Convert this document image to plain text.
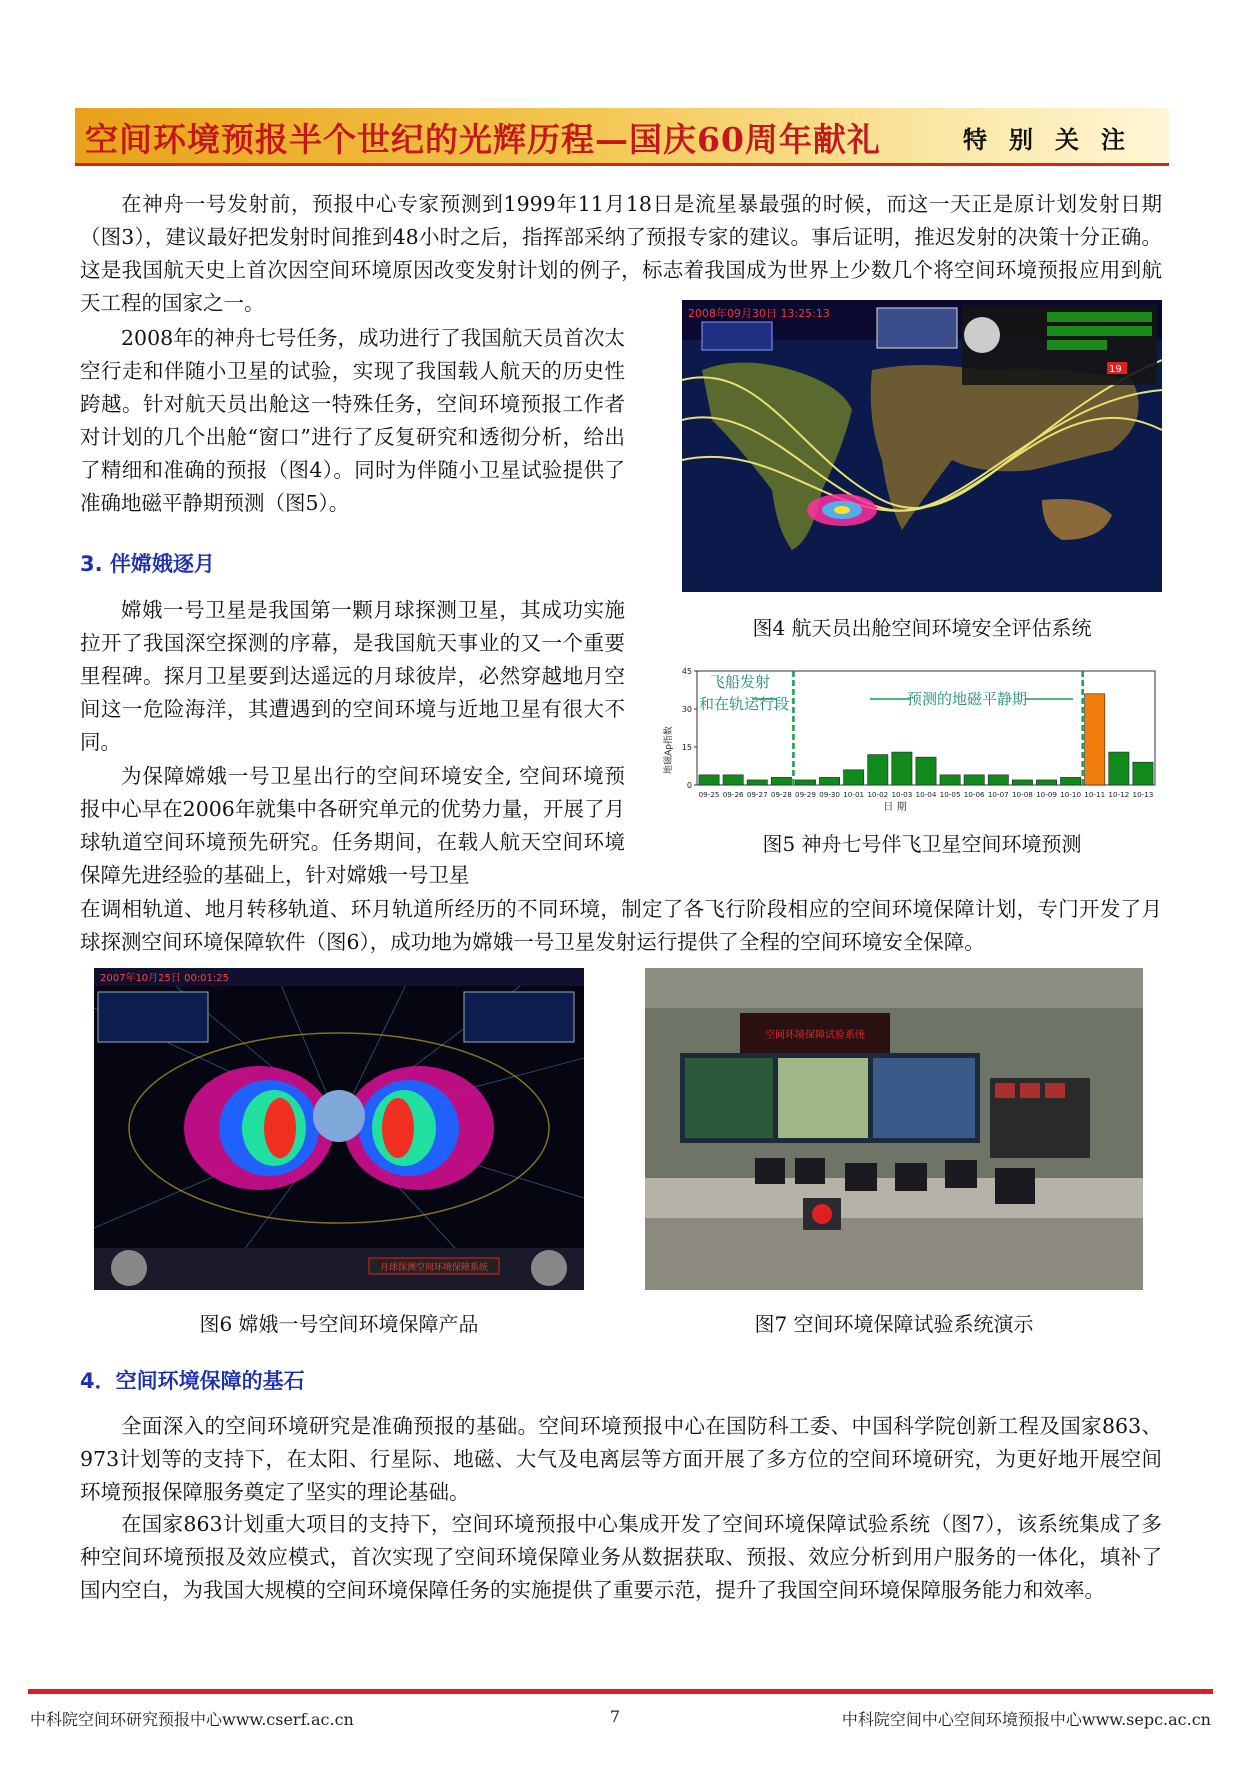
空间环境预报半个世纪的光辉历程—国庆60周年献礼	特别关注

在神舟一号发射前，预报中心专家预测到1999年11月18日是流星暴最强的时候，而这一天正是原计划发射日期（图3），建议最好把发射时间推到48小时之后，指挥部采纳了预报专家的建议。事后证明，推迟发射的决策十分正确。这是我国航天史上首次因空间环境原因改变发射计划的例子，标志着我国成为世界上少数几个将空间环境预报应用到航天工程的国家之一。

2008年的神舟七号任务，成功进行了我国航天员首次太空行走和伴随小卫星的试验，实现了我国载人航天的历史性跨越。针对航天员出舱这一特殊任务，空间环境预报工作者对计划的几个出舱“窗口”进行了反复研究和透彻分析，给出了精细和准确的预报（图4）。同时为伴随小卫星试验提供了准确地磁平静期预测（图5）。

3. 伴嫦娥逐月

嫦娥一号卫星是我国第一颗月球探测卫星，其成功实施拉开了我国深空探测的序幕，是我国航天事业的又一个重要里程碑。探月卫星要到达遥远的月球彼岸，必然穿越地月空间这一危险海洋，其遭遇到的空间环境与近地卫星有很大不同。

为保障嫦娥一号卫星出行的空间环境安全, 空间环境预报中心早在2006年就集中各研究单元的优势力量，开展了月球轨道空间环境预先研究。任务期间，在载人航天空间环境保障先进经验的基础上，针对嫦娥一号卫星

在调相轨道、地月转移轨道、环月轨道所经历的不同环境，制定了各飞行阶段相应的空间环境保障计划，专门开发了月球探测空间环境保障软件（图6），成功地为嫦娥一号卫星发射运行提供了全程的空间环境安全保障。

2008年09月30日 13:25:13
19
图4 航天员出舱空间环境安全评估系统
地磁Ap指数
0
15
30
45
09-25 09-26 09-27 09-28 09-29 09-30 10-01 10-02 10-03 10-04 10-05 10-06 10-07 10-08 10-09 10-10 10-11 10-12 10-13
预测的地磁平静期
飞船发射
和在轨运行段
日 期
图5 神舟七号伴飞卫星空间环境预测
2007年10月25日 00:01:25
月球探测空间环境保障系统
图6 嫦娥一号空间环境保障产品
空间环境保障试验系统
图7 空间环境保障试验系统演示
4．空间环境保障的基石

全面深入的空间环境研究是准确预报的基础。空间环境预报中心在国防科工委、中国科学院创新工程及国家863、973计划等的支持下，在太阳、行星际、地磁、大气及电离层等方面开展了多方位的空间环境研究，为更好地开展空间环境预报保障服务奠定了坚实的理论基础。

在国家863计划重大项目的支持下，空间环境预报中心集成开发了空间环境保障试验系统（图7），该系统集成了多种空间环境预报及效应模式，首次实现了空间环境保障业务从数据获取、预报、效应分析到用户服务的一体化，填补了国内空白，为我国大规模的空间环境保障任务的实施提供了重要示范，提升了我国空间环境保障服务能力和效率。

中科院空间环研究预报中心www.cserf.ac.cn	7	中科院空间中心空间环境预报中心www.sepc.ac.cn
